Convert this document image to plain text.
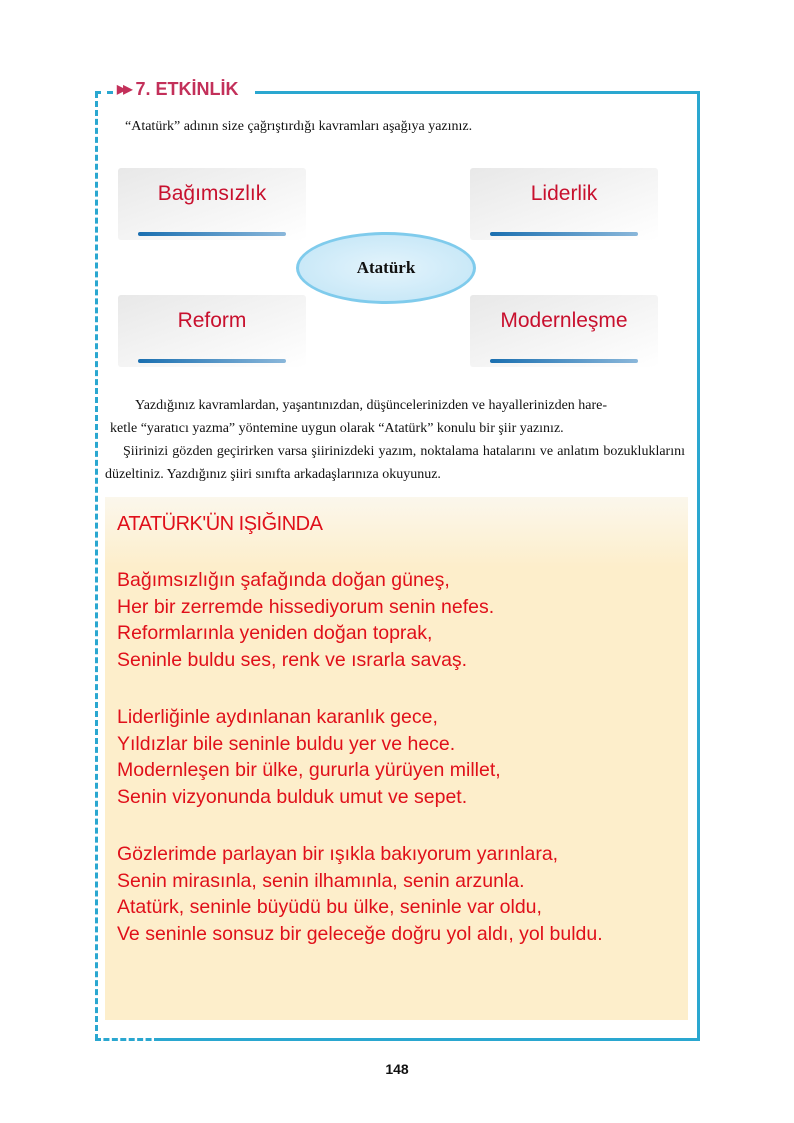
▶▶ 7. ETKİNLİK
“Atatürk” adının size çağrıştırdığı kavramları aşağıya yazınız.
Bağımsızlık	Liderlik
Reform	Modernleşme
Atatürk
Yazdığınız kavramlardan, yaşantınızdan, düşüncelerinizden ve hayallerinizden hare-
ketle “yaratıcı yazma” yöntemine uygun olarak “Atatürk” konulu bir şiir yazınız.
Şiirinizi gözden geçirirken varsa şiirinizdeki yazım, noktalama hatalarını ve anlatım bozukluklarını düzeltiniz. Yazdığınız şiiri sınıfta arkadaşlarınıza okuyunuz.
ATATÜRK'ÜN IŞIĞINDA
Bağımsızlığın şafağında doğan güneş,
Her bir zerremde hissediyorum senin nefes.
Reformlarınla yeniden doğan toprak,
Seninle buldu ses, renk ve ısrarla savaş.
Liderliğinle aydınlanan karanlık gece,
Yıldızlar bile seninle buldu yer ve hece.
Modernleşen bir ülke, gururla yürüyen millet,
Senin vizyonunda bulduk umut ve sepet.
Gözlerimde parlayan bir ışıkla bakıyorum yarınlara,
Senin mirasınla, senin ilhamınla, senin arzunla.
Atatürk, seninle büyüdü bu ülke, seninle var oldu,
Ve seninle sonsuz bir geleceğe doğru yol aldı, yol buldu.
148
